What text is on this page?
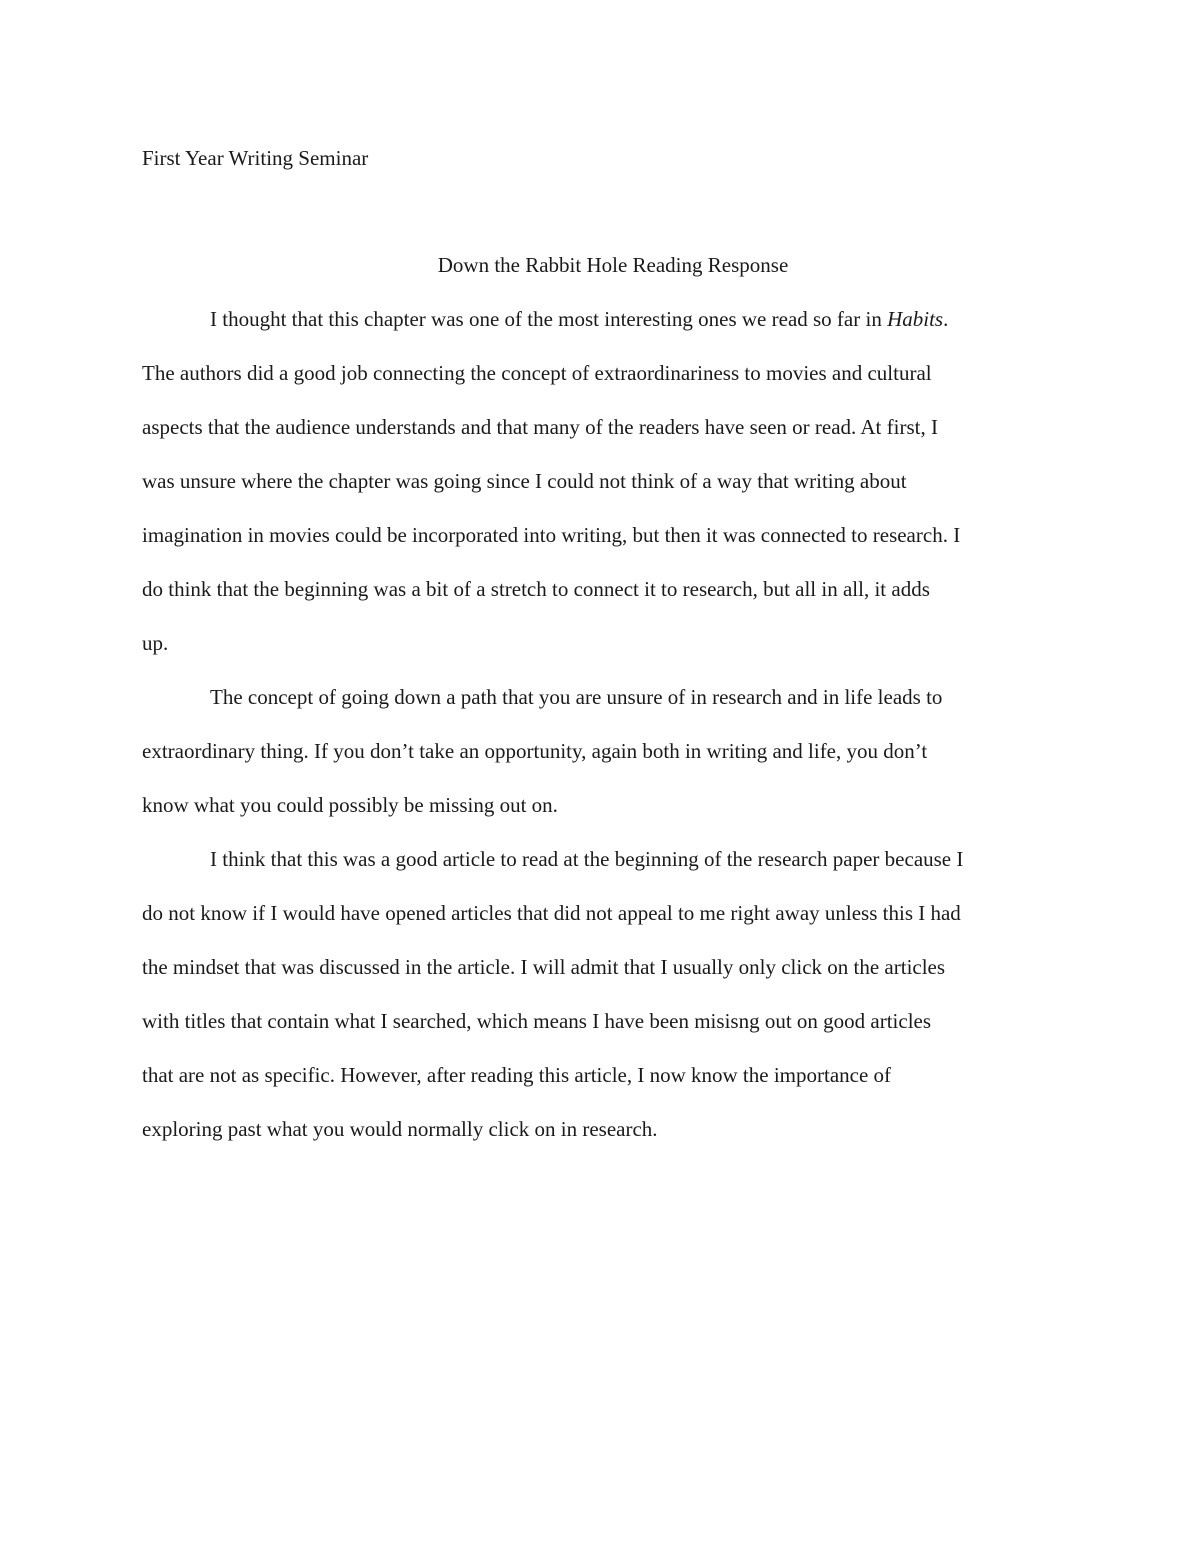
First Year Writing Seminar
Down the Rabbit Hole Reading Response
I thought that this chapter was one of the most interesting ones we read so far in Habits.
The authors did a good job connecting the concept of extraordinariness to movies and cultural
aspects that the audience understands and that many of the readers have seen or read. At first, I
was unsure where the chapter was going since I could not think of a way that writing about
imagination in movies could be incorporated into writing, but then it was connected to research. I
do think that the beginning was a bit of a stretch to connect it to research, but all in all, it adds
up.
The concept of going down a path that you are unsure of in research and in life leads to
extraordinary thing. If you don’t take an opportunity, again both in writing and life, you don’t
know what you could possibly be missing out on.
I think that this was a good article to read at the beginning of the research paper because I
do not know if I would have opened articles that did not appeal to me right away unless this I had
the mindset that was discussed in the article. I will admit that I usually only click on the articles
with titles that contain what I searched, which means I have been misisng out on good articles
that are not as specific. However, after reading this article, I now know the importance of
exploring past what you would normally click on in research.
